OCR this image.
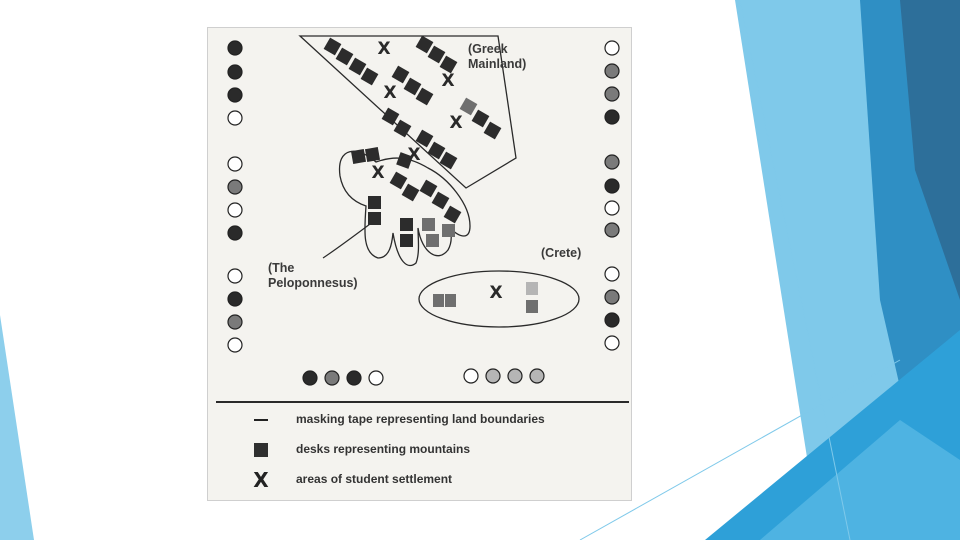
X
X
X
X
X
X
X
(Greek
Mainland)
(Crete)
(The
Peloponnesus)
masking tape representing land boundaries
desks representing mountains
X areas of student settlement
